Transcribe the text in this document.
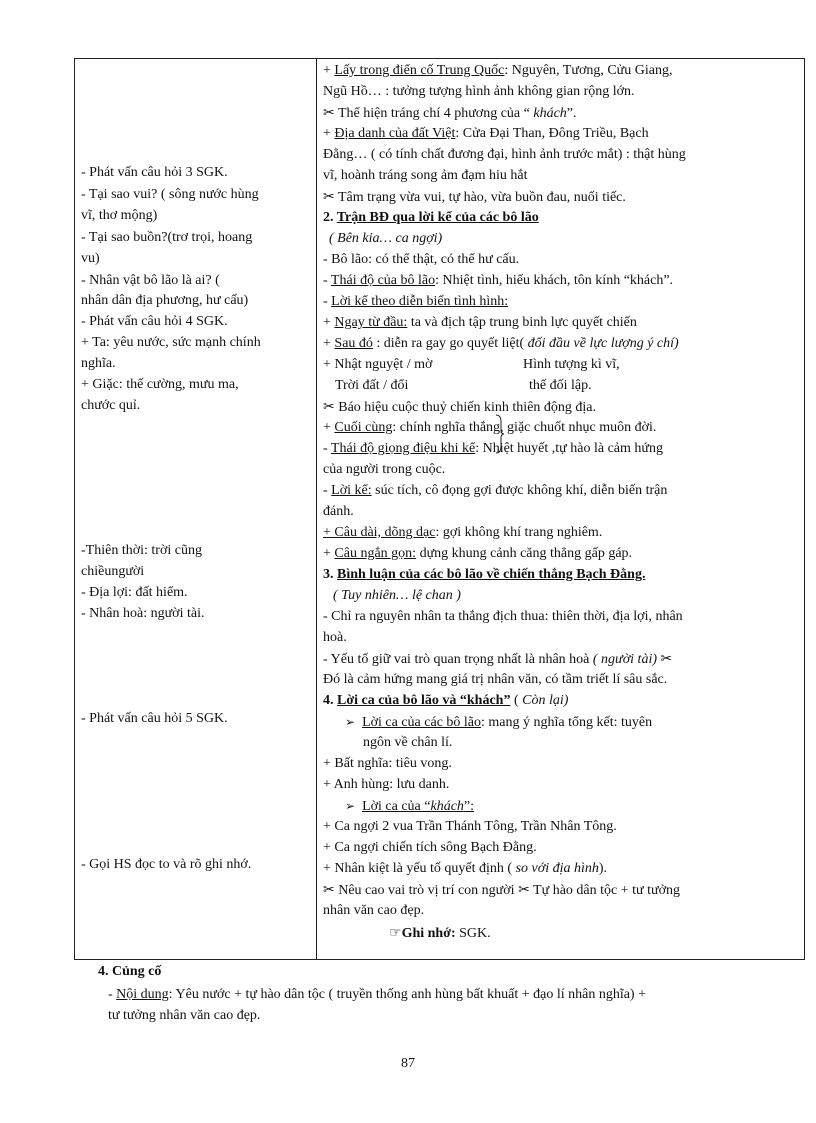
- Phát vấn câu hỏi 3 SGK.
- Tại sao vui? ( sông nước hùng
vĩ, thơ mộng)
- Tại sao buồn?(trơ trọi, hoang
vu)
- Nhân vật bô lão là ai? (
nhân dân địa phương, hư cấu)
- Phát vấn câu hỏi 4 SGK.
+ Ta: yêu nước, sức mạnh chính
nghĩa.
+ Giặc: thế cường, mưu ma,
chước quỉ.
-Thiên thời: trời cũng
chiềungười
- Địa lợi: đất hiểm.
- Nhân hoà: người tài.
- Phát vấn câu hỏi 5 SGK.
- Gọi HS đọc to và rõ ghi nhớ.
+ Lấy trong điển cố Trung Quốc: Nguyên, Tương, Cửu Giang,
Ngũ Hồ… : tưởng tượng hình ảnh không gian rộng lớn.
✂ Thể hiện tráng chí 4 phương của “ khách”.
+ Địa danh của đất Việt: Cửa Đại Than, Đông Triều, Bạch
Đằng… ( có tính chất đương đại, hình ảnh trước mắt) : thật hùng
vĩ, hoành tráng song ảm đạm hiu hắt
✂ Tâm trạng vừa vui, tự hào, vừa buồn đau, nuối tiếc.
2. Trận BĐ qua lời kể của các bô lão
( Bên kia… ca ngợi)
- Bô lão: có thể thật, có thể hư cấu.
- Thái độ của bô lão: Nhiệt tình, hiếu khách, tôn kính “khách”.
- Lời kể theo diễn biến tình hình:
+ Ngay từ đầu: ta và địch tập trung binh lực quyết chiến
+ Sau đó : diễn ra gay go quyết liệt( đối đầu về lực lượng ý chí)
+ Nhật nguyệt / mờ	Hình tượng kì vĩ,
Trời đất / đổi	thế đối lập.
✂ Báo hiệu cuộc thuỷ chiến kinh thiên động địa.
+ Cuối cùng: chính nghĩa thắng, giặc chuốt nhục muôn đời.
- Thái độ giọng điệu khi kể: Nhiệt huyết ,tự hào là cảm hứng
của người trong cuộc.
- Lời kể: súc tích, cô đọng gợi được không khí, diễn biến trận
đánh.
+ Câu dài, dõng dạc: gợi không khí trang nghiêm.
+ Câu ngắn gọn: dựng khung cảnh căng thẳng gấp gáp.
3. Bình luận của các bô lão về chiến thắng Bạch Đằng.
( Tuy nhiên… lệ chan )
- Chỉ ra nguyên nhân ta thắng địch thua: thiên thời, địa lợi, nhân
hoà.
- Yếu tố giữ vai trò quan trọng nhất là nhân hoà ( người tài) ✂
Đó là cảm hứng mang giá trị nhân văn, có tầm triết lí sâu sắc.
4. Lời ca của bô lão và “khách” ( Còn lại)
➢ Lời ca của các bô lão: mang ý nghĩa tổng kết: tuyên
ngôn về chân lí.
+ Bất nghĩa: tiêu vong.
+ Anh hùng: lưu danh.
➢ Lời ca của “khách”:
+ Ca ngợi 2 vua Trần Thánh Tông, Trần Nhân Tông.
+ Ca ngợi chiến tích sông Bạch Đằng.
+ Nhân kiệt là yếu tố quyết định ( so với địa hình).
✂ Nêu cao vai trò vị trí con người ✂ Tự hào dân tộc + tư tưởng
nhân văn cao đẹp.
☞Ghi nhớ: SGK.
4. Củng cố
- Nội dung: Yêu nước + tự hào dân tộc ( truyền thống anh hùng bất khuất + đạo lí nhân nghĩa) +
tư tưởng nhân văn cao đẹp.
87
